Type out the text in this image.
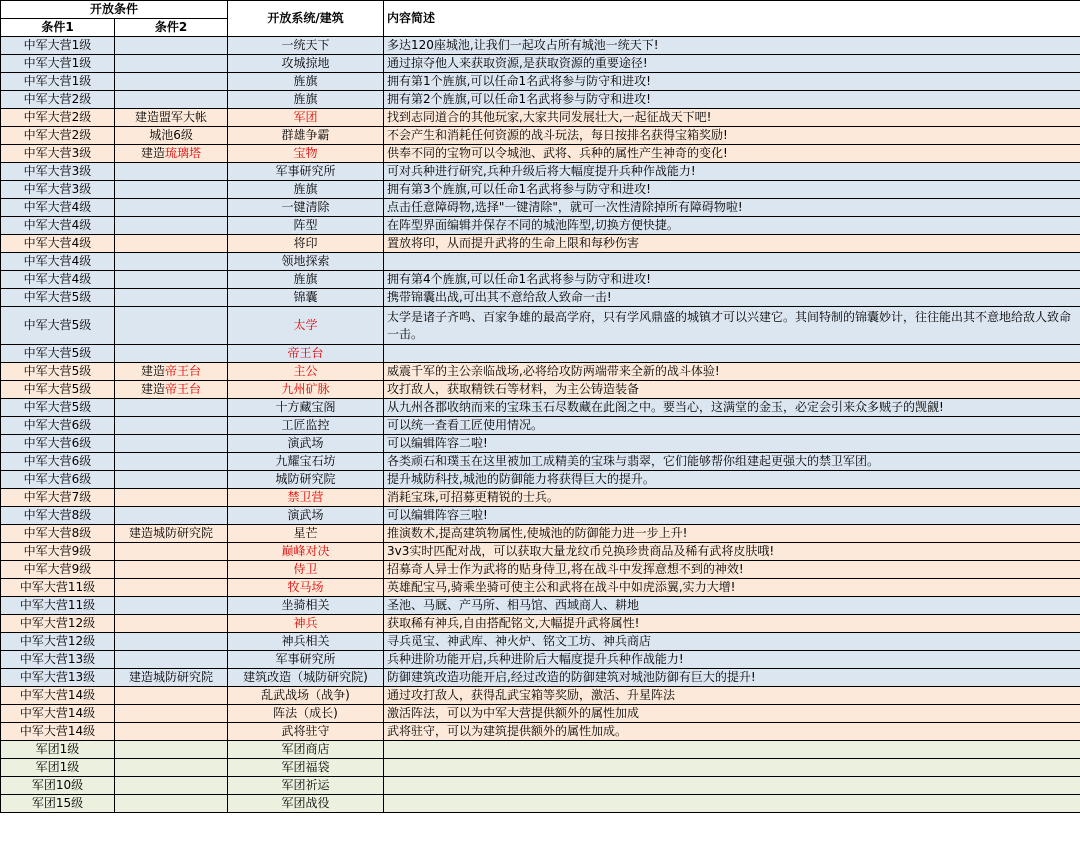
开放条件		开放系统/建筑	内容简述
条件1	条件2		
中军大营1级		一统天下	多达120座城池,让我们一起攻占所有城池一统天下!
中军大营1级		攻城掠地	通过掠夺他人来获取资源,是获取资源的重要途径!
中军大营1级		旌旗	拥有第1个旌旗,可以任命1名武将参与防守和进攻!
中军大营2级		旌旗	拥有第2个旌旗,可以任命1名武将参与防守和进攻!
中军大营2级	建造盟军大帐	军团	找到志同道合的其他玩家,大家共同发展壮大,一起征战天下吧!
中军大营2级	城池6级	群雄争霸	不会产生和消耗任何资源的战斗玩法，每日按排名获得宝箱奖励!
中军大营3级	建造琉璃塔	宝物	供奉不同的宝物可以令城池、武将、兵种的属性产生神奇的变化!
中军大营3级		军事研究所	可对兵种进行研究,兵种升级后将大幅度提升兵种作战能力!
中军大营3级		旌旗	拥有第3个旌旗,可以任命1名武将参与防守和进攻!
中军大营4级		一键清除	点击任意障碍物,选择"一键清除"，就可一次性清除掉所有障碍物啦!
中军大营4级		阵型	在阵型界面编辑并保存不同的城池阵型,切换方便快捷。
中军大营4级		将印	置放将印，从而提升武将的生命上限和每秒伤害
中军大营4级		领地探索	
中军大营4级		旌旗	拥有第4个旌旗,可以任命1名武将参与防守和进攻!
中军大营5级		锦囊	携带锦囊出战,可出其不意给敌人致命一击!
中军大营5级		太学	太学是诸子齐鸣、百家争雄的最高学府，只有学风鼎盛的城镇才可以兴建它。其间特制的锦囊妙计，往往能出其不意地给敌人致命一击。
中军大营5级		帝王台	
中军大营5级	建造帝王台	主公	威震千军的主公亲临战场,必将给攻防两端带来全新的战斗体验!
中军大营5级	建造帝王台	九州矿脉	攻打敌人，获取精铁石等材料，为主公铸造装备
中军大营5级		十方藏宝阁	从九州各郡收纳而来的宝珠玉石尽数藏在此阁之中。要当心，这满堂的金玉，必定会引来众多贼子的觊觎!
中军大营6级		工匠监控	可以统一查看工匠使用情况。
中军大营6级		演武场	可以编辑阵容二啦!
中军大营6级		九耀宝石坊	各类顽石和璞玉在这里被加工成精美的宝珠与翡翠，它们能够帮你组建起更强大的禁卫军团。
中军大营6级		城防研究院	提升城防科技,城池的防御能力将获得巨大的提升。
中军大营7级		禁卫营	消耗宝珠,可招募更精锐的士兵。
中军大营8级		演武场	可以编辑阵容三啦!
中军大营8级	建造城防研究院	星芒	推演数术,提高建筑物属性,使城池的防御能力进一步上升!
中军大营9级		巅峰对决	3v3实时匹配对战，可以获取大量龙纹币兑换珍贵商品及稀有武将皮肤哦!
中军大营9级		侍卫	招募奇人异士作为武将的贴身侍卫,将在战斗中发挥意想不到的神效!
中军大营11级		牧马场	英雄配宝马,骑乘坐骑可使主公和武将在战斗中如虎添翼,实力大增!
中军大营11级		坐骑相关	圣池、马厩、产马所、相马馆、西域商人、耕地
中军大营12级		神兵	获取稀有神兵,自由搭配铭文,大幅提升武将属性!
中军大营12级		神兵相关	寻兵觅宝、神武库、神火炉、铭文工坊、神兵商店
中军大营13级		军事研究所	兵种进阶功能开启,兵种进阶后大幅度提升兵种作战能力!
中军大营13级	建造城防研究院	建筑改造（城防研究院)	防御建筑改造功能开启,经过改造的防御建筑对城池防御有巨大的提升!
中军大营14级		乱武战场（战争)	通过攻打敌人，获得乱武宝箱等奖励，激活、升星阵法
中军大营14级		阵法（成长)	激活阵法，可以为中军大营提供额外的属性加成
中军大营14级		武将驻守	武将驻守，可以为建筑提供额外的属性加成。
军团1级		军团商店	
军团1级		军团福袋	
军团10级		军团祈运	
军团15级		军团战役	
